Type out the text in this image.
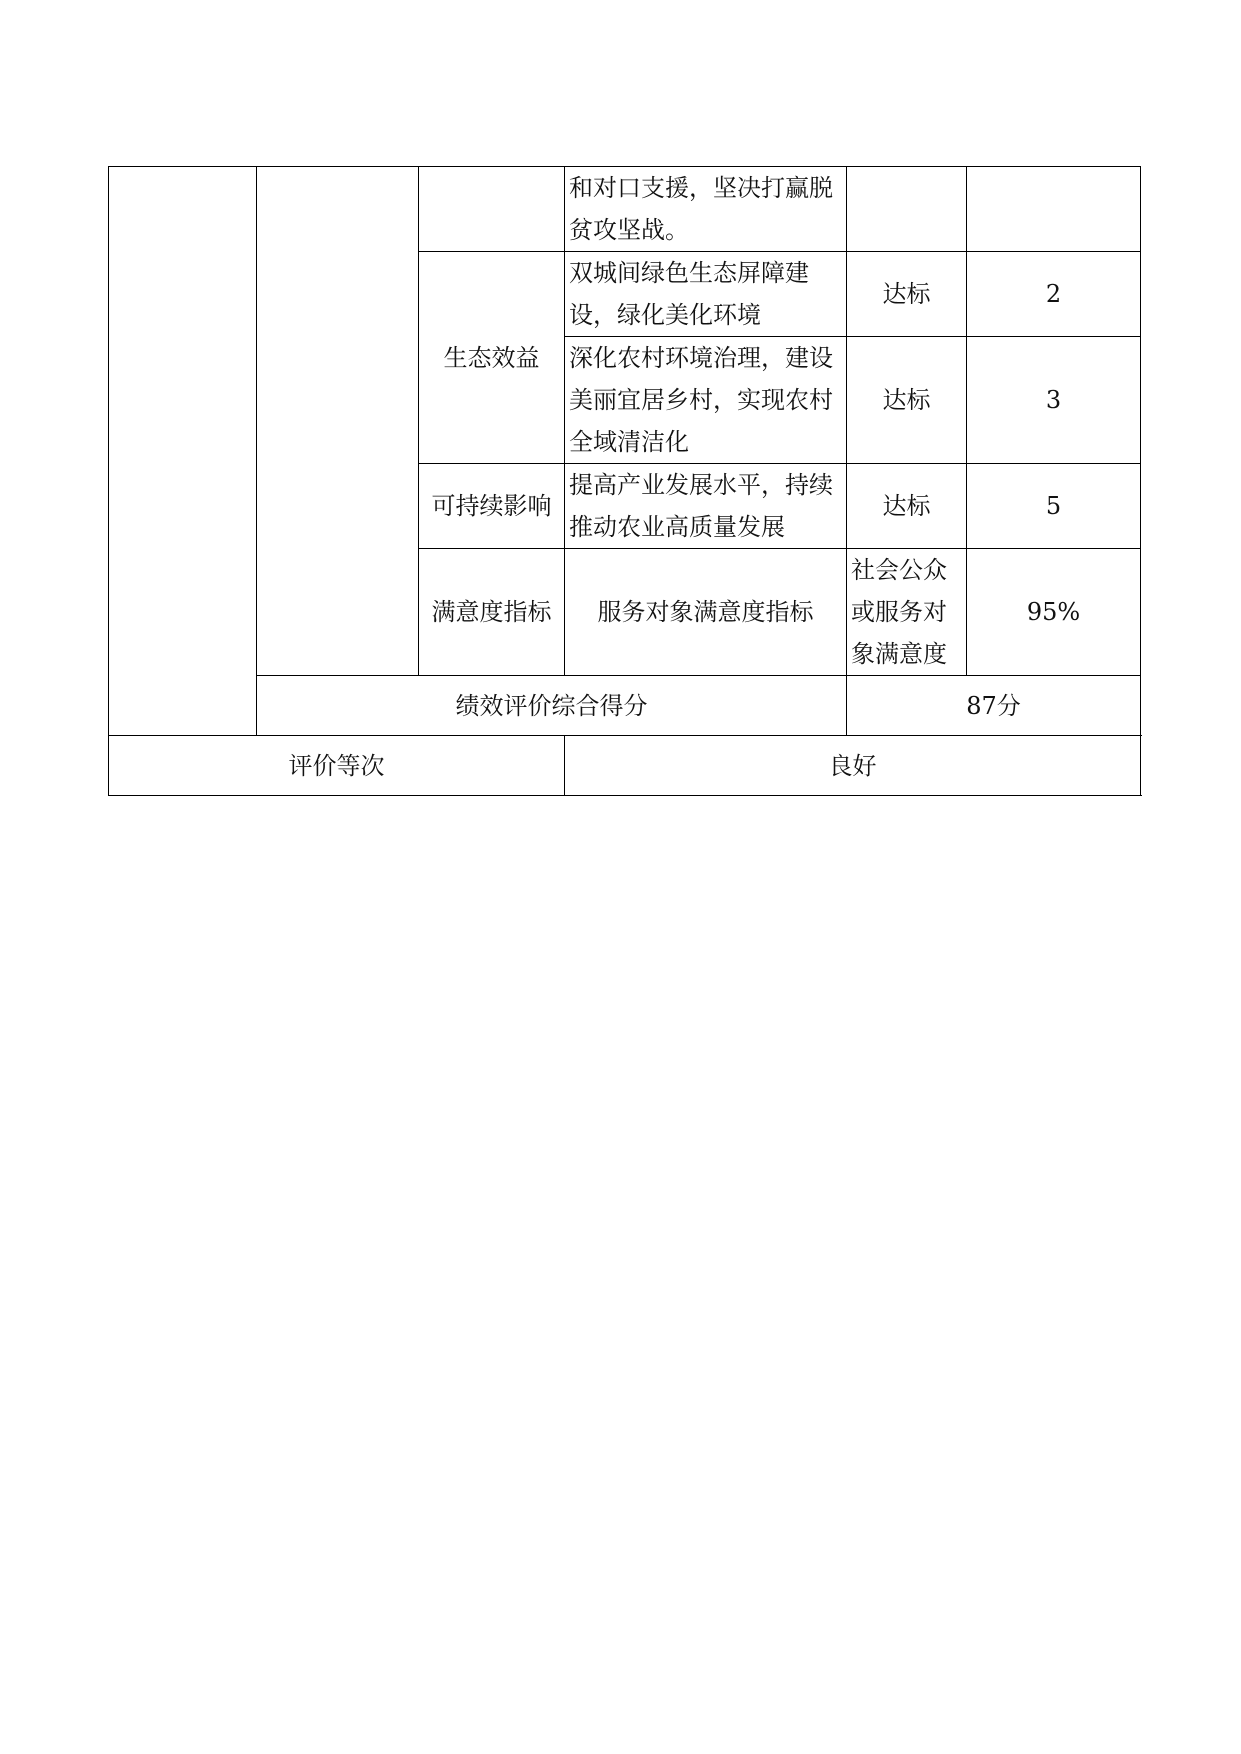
			和对口支援，坚决打赢脱贫攻坚战。			
		生态效益	双城间绿色生态屏障建设，绿化美化环境	达标	2	
			深化农村环境治理，建设美丽宜居乡村，实现农村全域清洁化	达标	3	
		可持续影响	提高产业发展水平，持续推动农业高质量发展	达标	5	
		满意度指标	服务对象满意度指标	社会公众或服务对象满意度	95%	
	绩效评价综合得分			87分		
评价等次			良好			
